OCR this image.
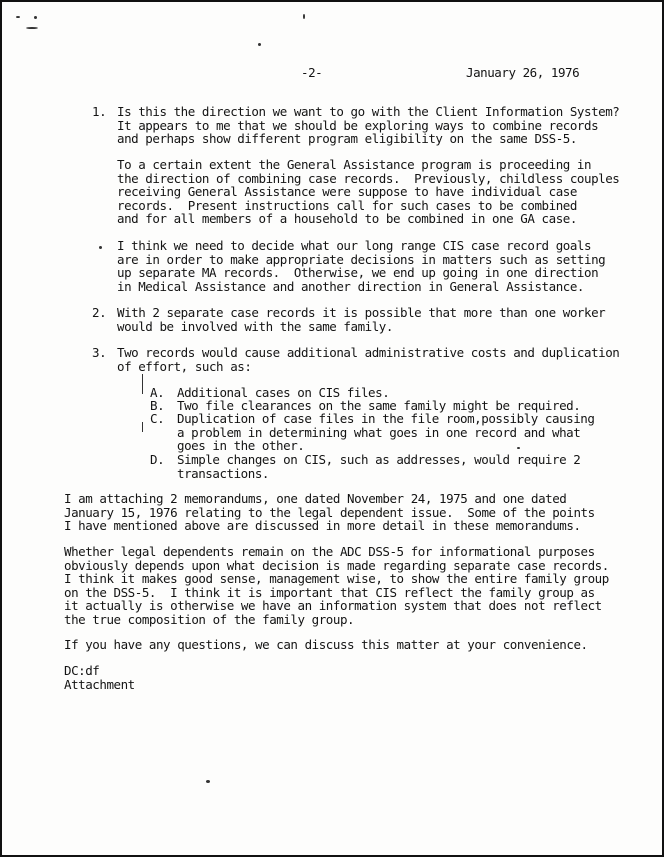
-2-	January 26, 1976
1. Is this the direction we want to go with the Client Information System?
It appears to me that we should be exploring ways to combine records
and perhaps show different program eligibility on the same DSS-5.
To a certain extent the General Assistance program is proceeding in
the direction of combining case records.  Previously, childless couples
receiving General Assistance were suppose to have individual case
records.  Present instructions call for such cases to be combined
and for all members of a household to be combined in one GA case.
I think we need to decide what our long range CIS case record goals
are in order to make appropriate decisions in matters such as setting
up separate MA records.  Otherwise, we end up going in one direction
in Medical Assistance and another direction in General Assistance.
2. With 2 separate case records it is possible that more than one worker
would be involved with the same family.
3. Two records would cause additional administrative costs and duplication
of effort, such as:
A. Additional cases on CIS files.
B. Two file clearances on the same family might be required.
C. Duplication of case files in the file room,possibly causing
a problem in determining what goes in one record and what
goes in the other.
D. Simple changes on CIS, such as addresses, would require 2
transactions.
I am attaching 2 memorandums, one dated November 24, 1975 and one dated
January 15, 1976 relating to the legal dependent issue.  Some of the points
I have mentioned above are discussed in more detail in these memorandums.
Whether legal dependents remain on the ADC DSS-5 for informational purposes
obviously depends upon what decision is made regarding separate case records.
I think it makes good sense, management wise, to show the entire family group
on the DSS-5.  I think it is important that CIS reflect the family group as
it actually is otherwise we have an information system that does not reflect
the true composition of the family group.
If you have any questions, we can discuss this matter at your convenience.
DC:df
Attachment
